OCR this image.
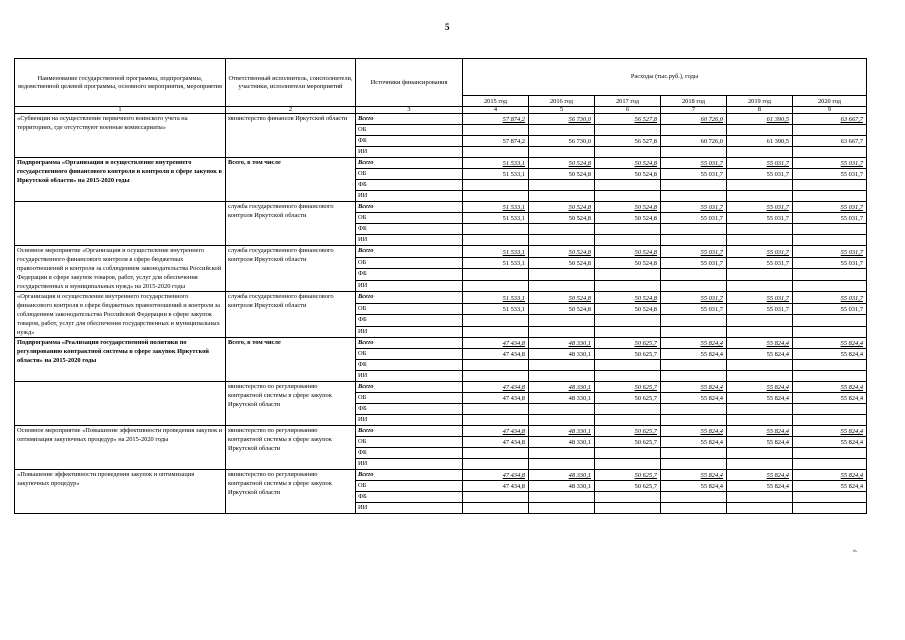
5
Наименование государственной программы, подпрограммы, ведомственной целевой программы, основного мероприятия, мероприятия	Ответственный исполнитель, соисполнители, участники, исполнители мероприятий	Источники финансирования	Расходы (тыс.руб.), годы					
			2015 год	2016 год	2017 год	2018 год	2019 год	2020 год
1	2	3	4	5	6	7	8	9
«Субвенции на осуществление первичного воинского учета на территориях, где отсутствуют военные комиссариаты»	министерство финансов Иркутской области	Всего	57 874,2	56 730,0	56 527,8	60 726,0	61 390,5	63 667,7
		ОБ						
		ФБ	57 874,2	56 730,0	56 527,8	60 726,0	61 390,5	63 667,7
		ИИ						
Подпрограмма «Организация и осуществление внутреннего государственного финансового контроля и контроля в сфере закупок в Иркутской области» на 2015-2020 годы	Всего, в том числе	Всего	51 533,1	50 524,8	50 524,8	55 031,7	55 031,7	55 031,7
		ОБ	51 533,1	50 524,8	50 524,8	55 031,7	55 031,7	55 031,7
		ФБ						
		ИИ						
	служба государственного финансового контроля Иркутской области	Всего	51 533,1	50 524,8	50 524,8	55 031,7	55 031,7	55 031,7
		ОБ	51 533,1	50 524,8	50 524,8	55 031,7	55 031,7	55 031,7
		ФБ						
		ИИ						
Основное мероприятие «Организация и осуществление внутреннего государственного финансового контроля в сфере бюджетных правоотношений и контроля за соблюдением законодательства Российской Федерации в сфере закупок товаров, работ, услуг для обеспечения государственных и муниципальных нужд» на 2015-2020 годы	служба государственного финансового контроля Иркутской области	Всего	51 533,1	50 524,8	50 524,8	55 031,7	55 031,7	55 031,7
		ОБ	51 533,1	50 524,8	50 524,8	55 031,7	55 031,7	55 031,7
		ФБ						
		ИИ						
«Организация и осуществление внутреннего государственного финансового контроля в сфере бюджетных правоотношений и контроля за соблюдением законодательства Российской Федерации в сфере закупок товаров, работ, услуг для обеспечения государственных и муниципальных нужд»	служба государственного финансового контроля Иркутской области	Всего	51 533,1	50 524,8	50 524,8	55 031,7	55 031,7	55 031,7
		ОБ	51 533,1	50 524,8	50 524,8	55 031,7	55 031,7	55 031,7
		ФБ						
		ИИ						
Подпрограмма «Реализация государственной политики по регулированию контрактной системы в сфере закупок Иркутской области» на 2015-2020 годы	Всего, в том числе	Всего	47 434,8	48 330,1	50 625,7	55 824,4	55 824,4	55 824,4
		ОБ	47 434,8	48 330,1	50 625,7	55 824,4	55 824,4	55 824,4
		ФБ						
		ИИ						
	министерство по регулированию контрактной системы в сфере закупок Иркутской области	Всего	47 434,8	48 330,1	50 625,7	55 824,4	55 824,4	55 824,4
		ОБ	47 434,8	48 330,1	50 625,7	55 824,4	55 824,4	55 824,4
		ФБ						
		ИИ						
Основное мероприятие «Повышение эффективности проведения закупок и оптимизация закупочных процедур» на 2015-2020 годы	министерство по регулированию контрактной системы в сфере закупок Иркутской области	Всего	47 434,8	48 330,1	50 625,7	55 824,4	55 824,4	55 824,4
		ОБ	47 434,8	48 330,1	50 625,7	55 824,4	55 824,4	55 824,4
		ФБ						
		ИИ						
«Повышение эффективности проведения закупок и оптимизация закупочных процедур»	министерство по регулированию контрактной системы в сфере закупок Иркутской области	Всего	47 434,8	48 330,1	50 625,7	55 824,4	55 824,4	55 824,4
		ОБ	47 434,8	48 330,1	50 625,7	55 824,4	55 824,4	55 824,4
		ФБ						
		ИИ						
».
